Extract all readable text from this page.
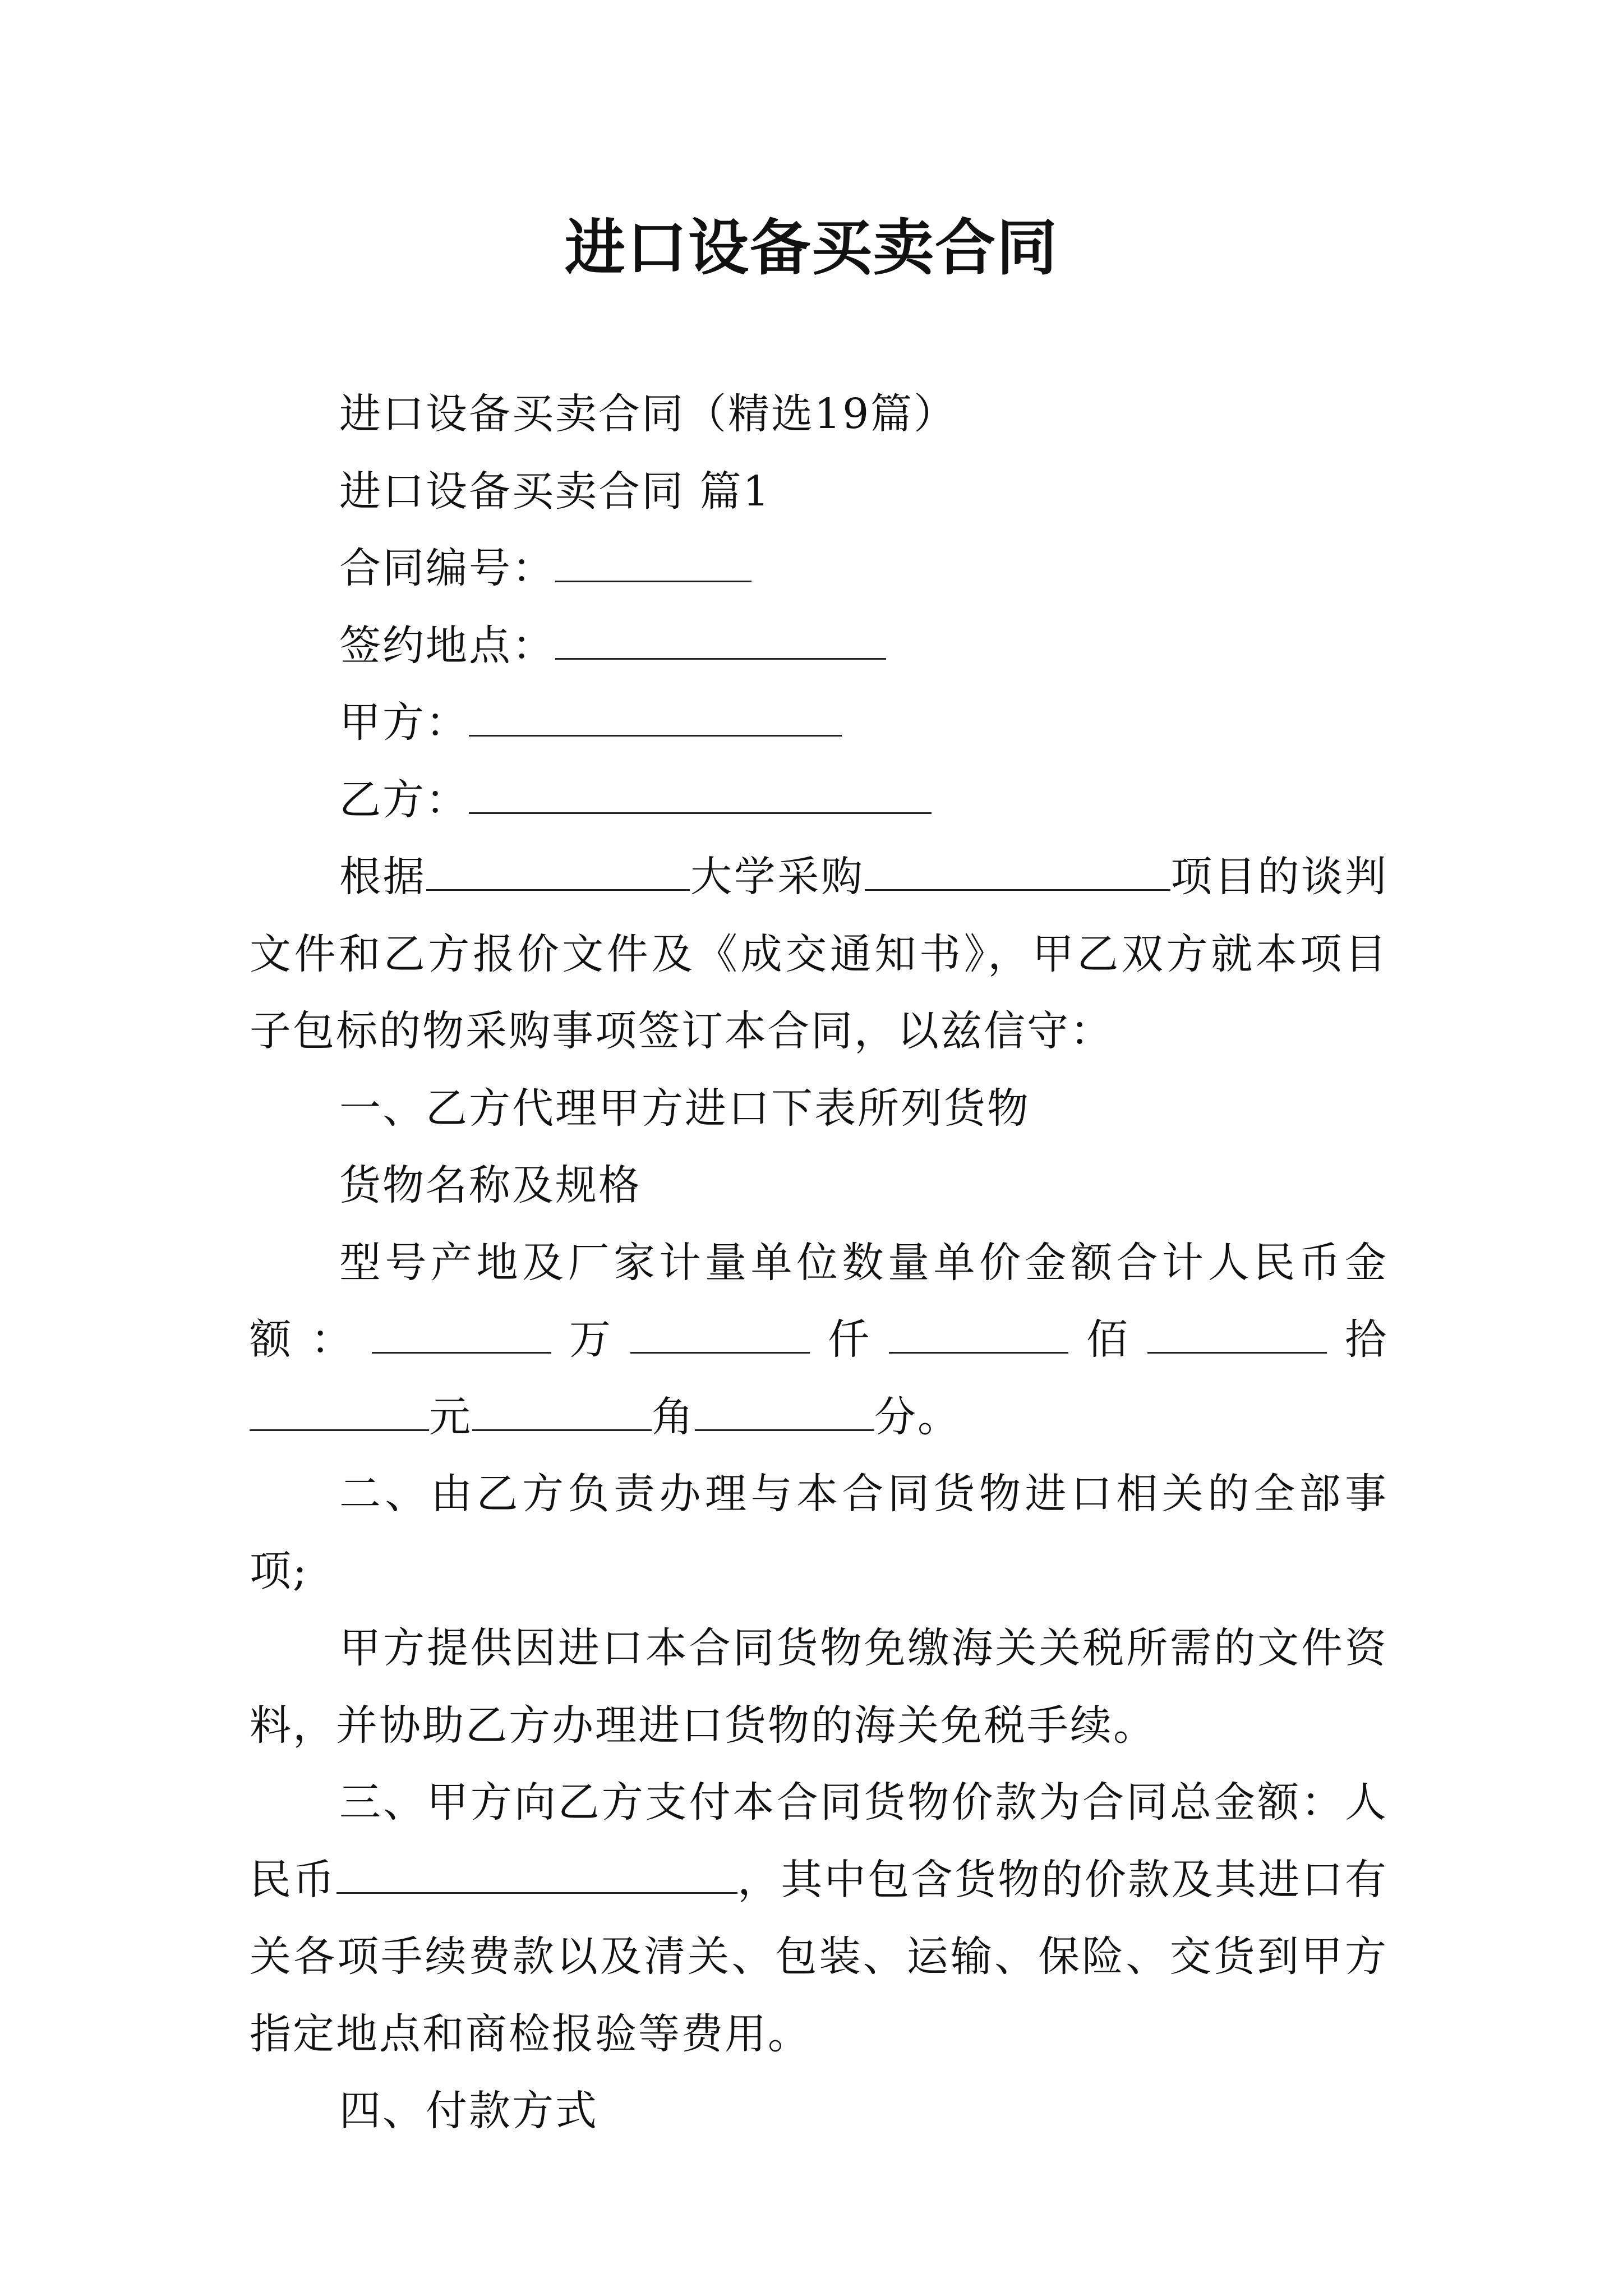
进口设备买卖合同

进口设备买卖合同（精选19篇）

进口设备买卖合同 篇1

合同编号：

签约地点：

甲方：

乙方：

根据	大学采购	项目的谈判文件和乙方报价文件及《成交通知书》，甲乙双方就本项目子包标的物采购事项签订本合同，以兹信守：

一、乙方代理甲方进口下表所列货物

货物名称及规格

型号产地及厂家计量单位数量单价金额合计人民币金额：	万	仟	佰	拾元	角	分。

二、由乙方负责办理与本合同货物进口相关的全部事项;

甲方提供因进口本合同货物免缴海关关税所需的文件资料，并协助乙方办理进口货物的海关免税手续。

三、甲方向乙方支付本合同货物价款为合同总金额：人民币	，其中包含货物的价款及其进口有关各项手续费款以及清关、包装、运输、保险、交货到甲方指定地点和商检报验等费用。

四、付款方式
